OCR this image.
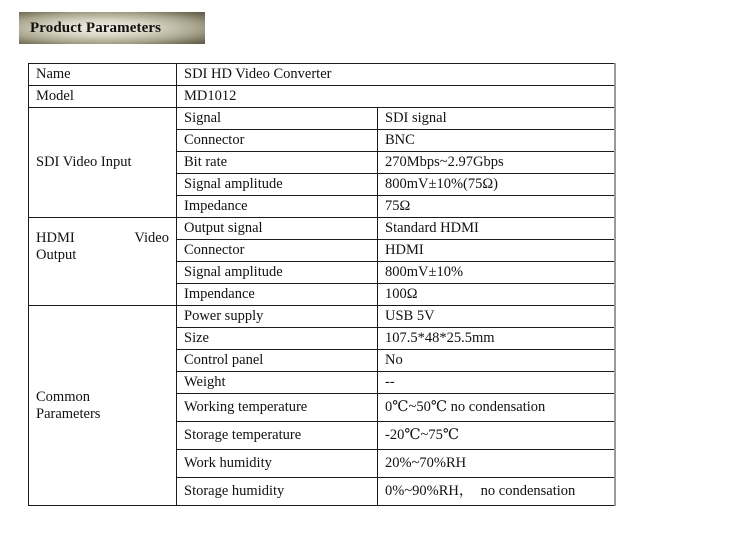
Product Parameters
Name	SDI HD Video Converter	
Model	MD1012	
SDI Video Input	Signal	SDI signal
	Connector	BNC
	Bit rate	270Mbps~2.97Gbps
	Signal amplitude	800mV±10%(75Ω)
	Impedance	75Ω

HDMI Video
Output	Output signal	Standard HDMI
	Connector	HDMI
	Signal amplitude	800mV±10%
	Impendance	100Ω

Common
Parameters	Power supply	USB 5V
	Size	107.5*48*25.5mm
	Control panel	No
	Weight	--
	Working temperature	0℃~50℃ no condensation
	Storage temperature	-20℃~75℃
	Work humidity	20%~70%RH
	Storage humidity	0%~90%RH，　no condensation
